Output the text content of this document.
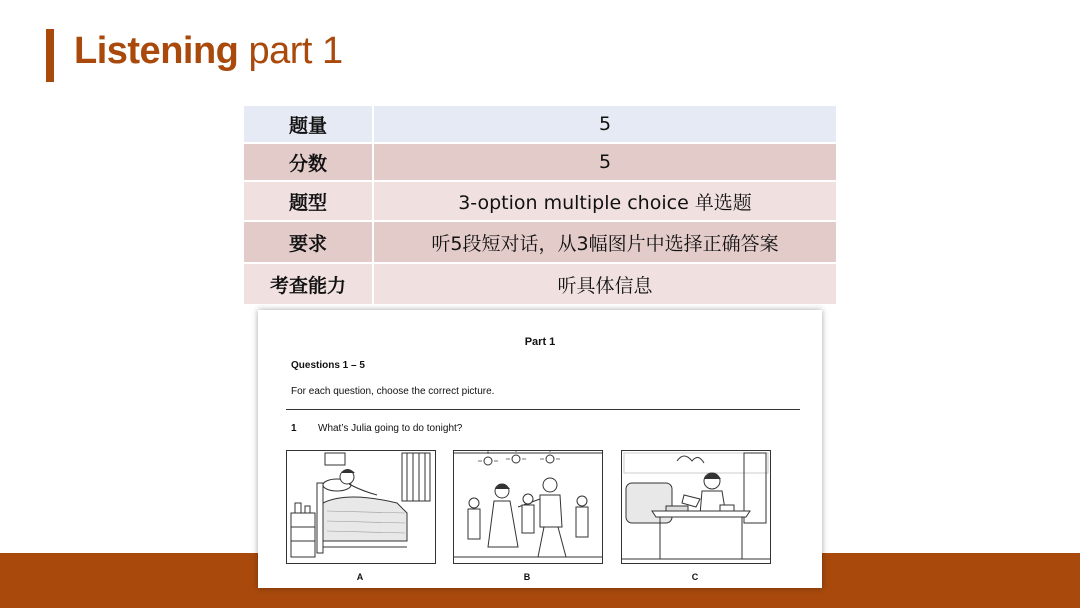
Listening part 1
题量	5
分数	5
题型	3-option multiple choice 单选题
要求	听5段短对话，从3幅图片中选择正确答案
考查能力	听具体信息
Part 1
Questions 1 – 5
For each question, choose the correct picture.
1 What’s Julia going to do tonight?
A	B	C
